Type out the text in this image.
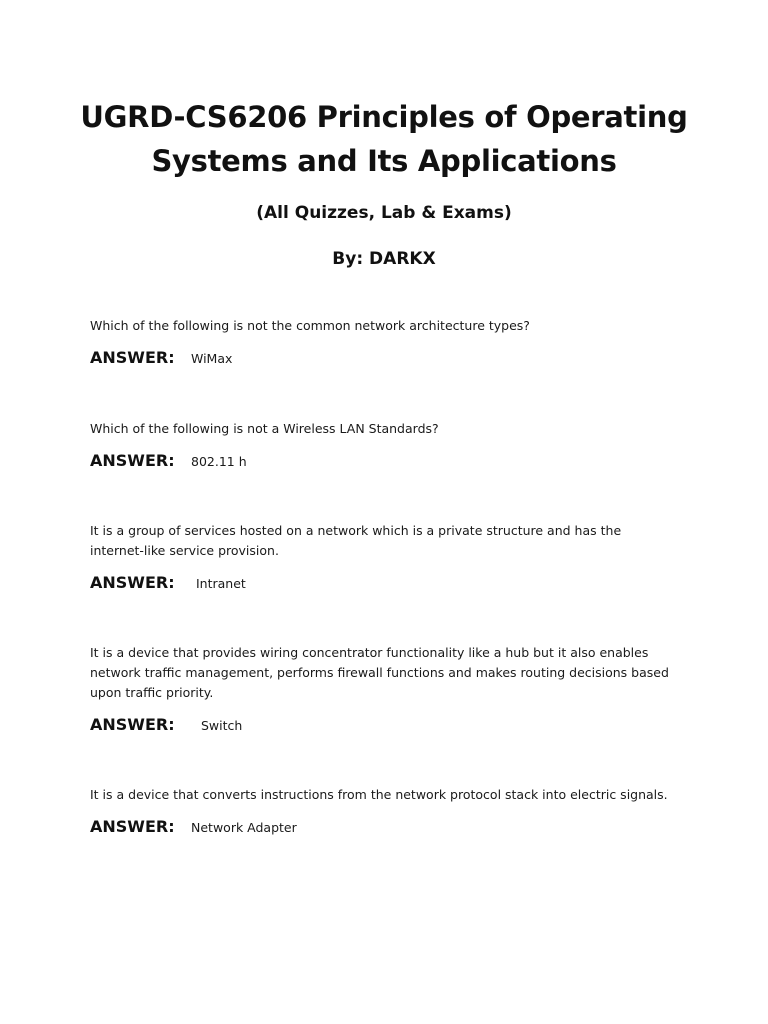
UGRD-CS6206 Principles of Operating
Systems and Its Applications

(All Quizzes, Lab & Exams)

By: DARKX

Which of the following is not the common network architecture types?

ANSWER:	WiMax

Which of the following is not a Wireless LAN Standards?

ANSWER:	802.11 h

It is a group of services hosted on a network which is a private structure and has the internet-like service provision.

ANSWER:	Intranet

It is a device that provides wiring concentrator functionality like a hub but it also enables network traffic management, performs firewall functions and makes routing decisions based upon traffic priority.

ANSWER:	Switch

It is a device that converts instructions from the network protocol stack into electric signals.

ANSWER:	Network Adapter
